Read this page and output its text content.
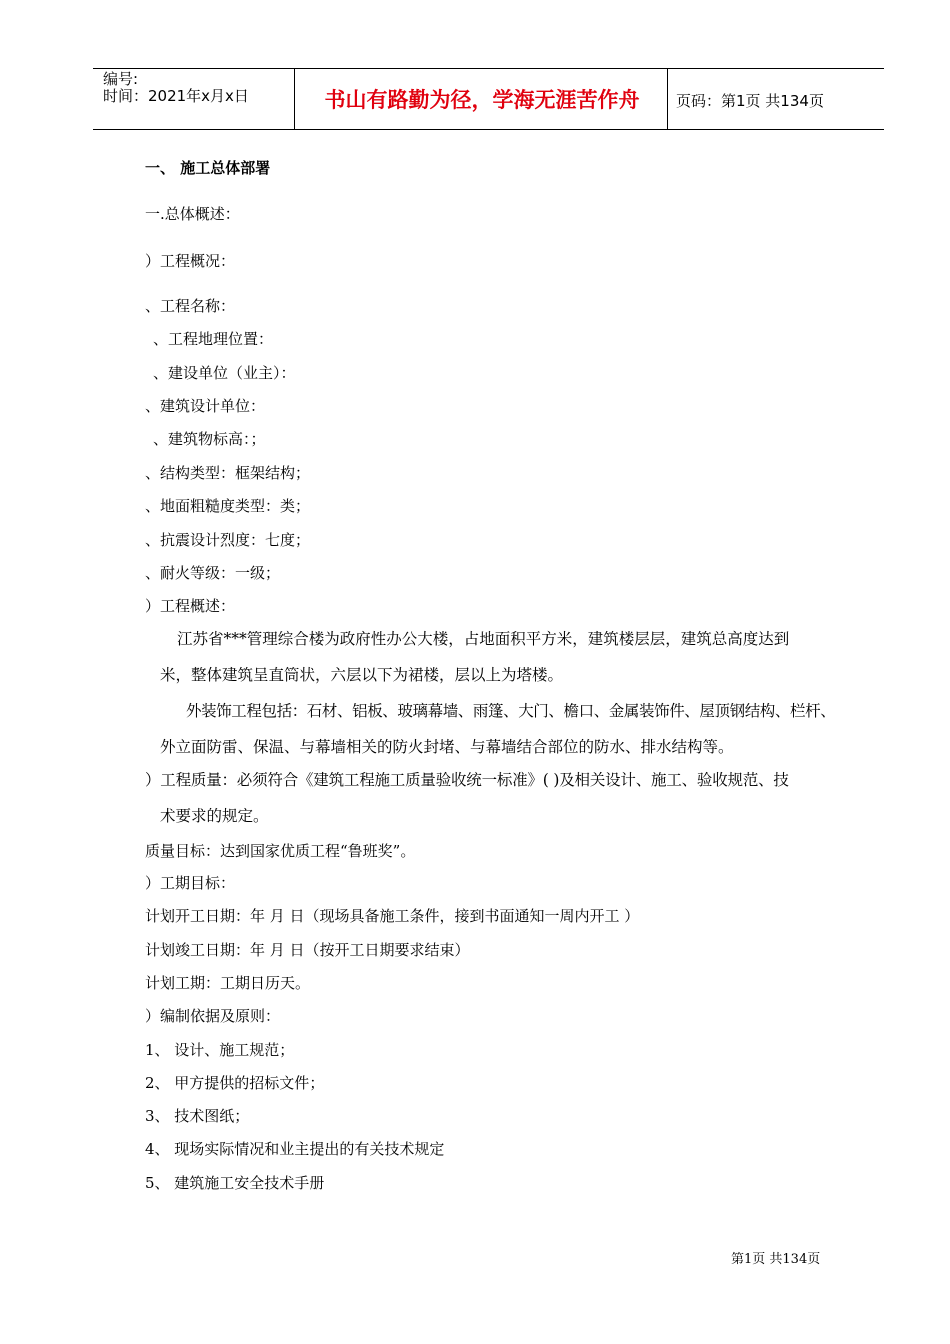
编号:
时间：2021年x月x日	书山有路勤为径，学海无涯苦作舟	页码：第1页 共134页
一、 施工总体部署
一.总体概述：
）工程概况：
、工程名称：
、工程地理位置：
、建设单位（业主）：
、建筑设计单位：
、建筑物标高：；
、结构类型：框架结构；
、地面粗糙度类型：类；
、抗震设计烈度：七度；
、耐火等级：一级；
）工程概述：
江苏省***管理综合楼为政府性办公大楼，占地面积平方米，建筑楼层层，建筑总高度达到
米，整体建筑呈直筒状，六层以下为裙楼，层以上为塔楼。
外装饰工程包括：石材、铝板、玻璃幕墙、雨篷、大门、檐口、金属装饰件、屋顶钢结构、栏杆、
外立面防雷、保温、与幕墙相关的防火封堵、与幕墙结合部位的防水、排水结构等。
）工程质量：必须符合《建筑工程施工质量验收统一标准》( )及相关设计、施工、验收规范、技
术要求的规定。
质量目标：达到国家优质工程“鲁班奖”。
）工期目标：
计划开工日期：年 月 日（现场具备施工条件，接到书面通知一周内开工 ）
计划竣工日期：年 月 日（按开工日期要求结束）
计划工期：工期日历天。
）编制依据及原则：
1、 设计、施工规范；
2、 甲方提供的招标文件；
3、 技术图纸；
4、 现场实际情况和业主提出的有关技术规定
5、 建筑施工安全技术手册
第1页 共134页
